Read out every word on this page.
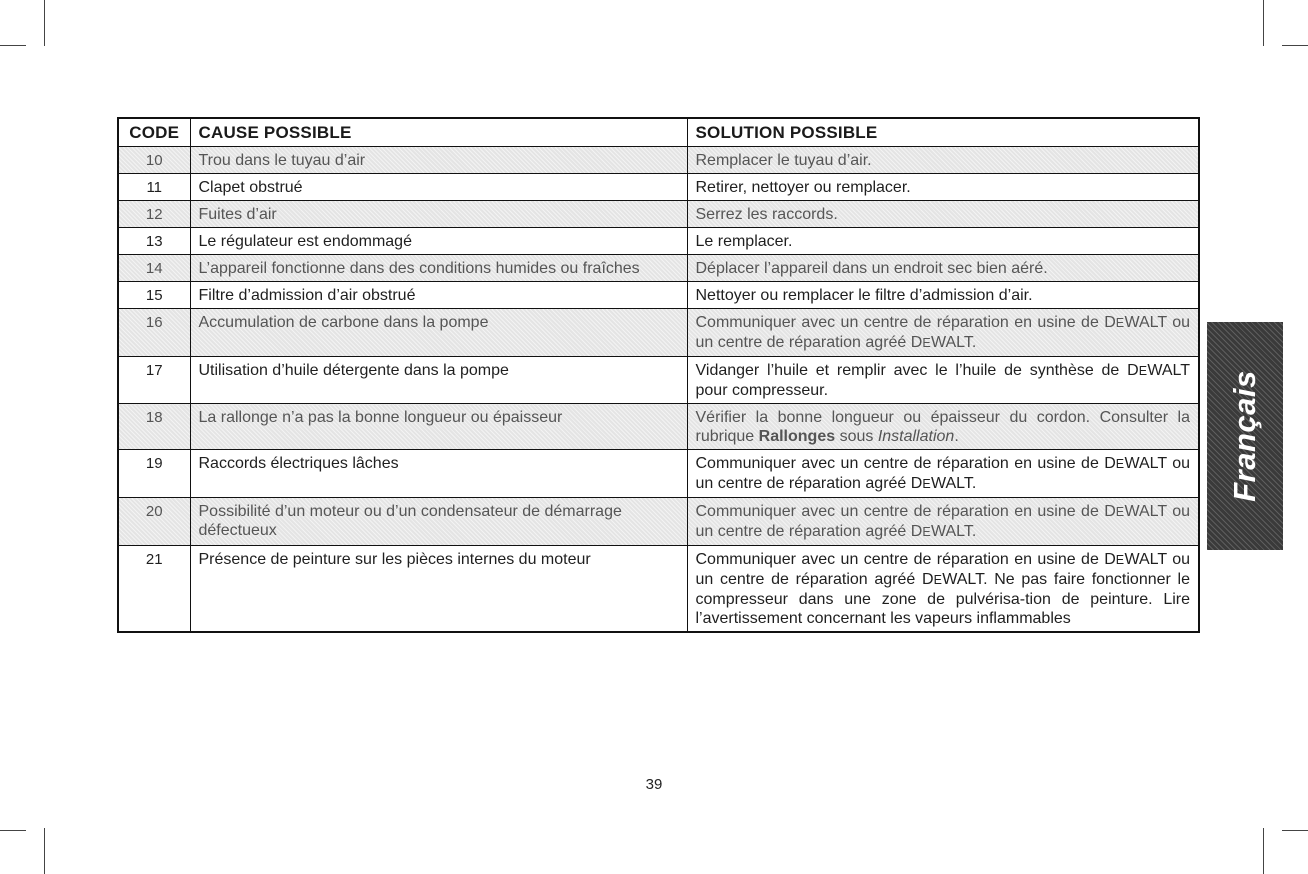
CODE	CAUSE POSSIBLE	SOLUTION POSSIBLE
10	Trou dans le tuyau d’air	Remplacer le tuyau d’air.
11	Clapet obstrué	Retirer, nettoyer ou remplacer.
12	Fuites d’air	Serrez les raccords.
13	Le régulateur est endommagé	Le remplacer.
14	L’appareil fonctionne dans des conditions humides ou fraîches	Déplacer l’appareil dans un endroit sec bien aéré.
15	Filtre d’admission d’air obstrué	Nettoyer ou remplacer le filtre d’admission d’air.
16	Accumulation de carbone dans la pompe	Communiquer avec un centre de réparation en usine de DEWALT ou un centre de réparation agréé DEWALT.
17	Utilisation d’huile détergente dans la pompe	Vidanger l’huile et remplir avec le l’huile de synthèse de DEWALT pour compresseur.
18	La rallonge n’a pas la bonne longueur ou épaisseur	Vérifier la bonne longueur ou épaisseur du cordon. Consulter la rubrique Rallonges sous Installation.
19	Raccords électriques lâches	Communiquer avec un centre de réparation en usine de DEWALT ou un centre de réparation agréé DEWALT.
20	Possibilité d’un moteur ou d’un condensateur de démarrage défectueux	Communiquer avec un centre de réparation en usine de DEWALT ou un centre de réparation agréé DEWALT.
21	Présence de peinture sur les pièces internes du moteur	Communiquer avec un centre de réparation en usine de DEWALT ou un centre de réparation agréé DEWALT. Ne pas faire fonctionner le compresseur dans une zone de pulvérisa-tion de peinture. Lire l’avertissement concernant les vapeurs inflammables
Français
39
